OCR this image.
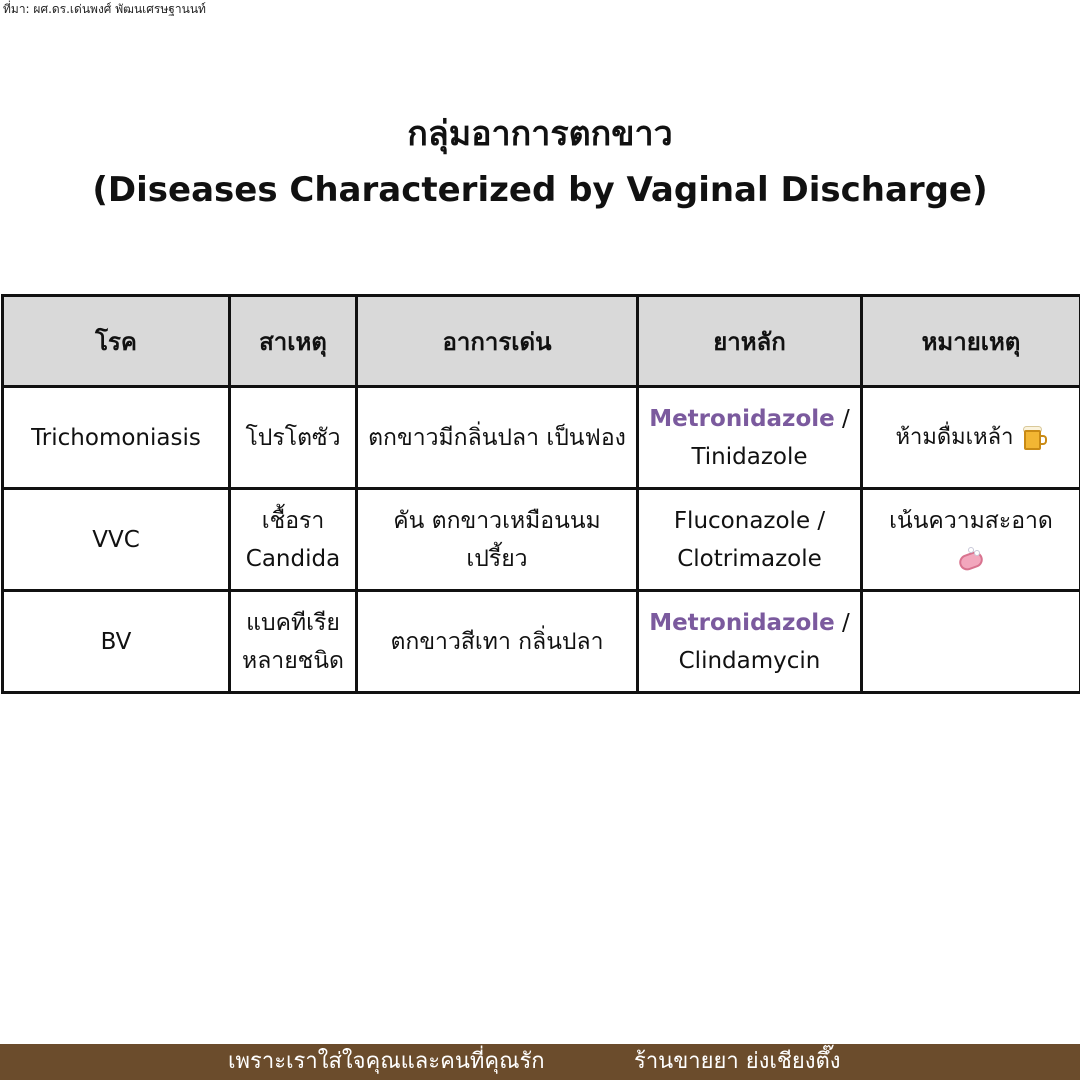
ที่มา: ผศ.ดร.เด่นพงศ์ พัฒนเศรษฐานนท์
กลุ่มอาการตกขาว
(Diseases Characterized by Vaginal Discharge)
โรค	สาเหตุ	อาการเด่น	ยาหลัก	หมายเหตุ
Trichomoniasis	โปรโตซัว	ตกขาวมีกลิ่นปลา เป็นฟอง	Metronidazole / Tinidazole	ห้ามดื่มเหล้า

VVC	เชื้อรา Candida	คัน ตกขาวเหมือนนมเปรี้ยว	Fluconazole / Clotrimazole	เน้นความสะอาด

BV	แบคทีเรียหลายชนิด	ตกขาวสีเทา กลิ่นปลา	Metronidazole / Clindamycin	
เพราะเราใส่ใจคุณและคนที่คุณรัก	ร้านขายยา ย่งเชียงตึ๊ง
